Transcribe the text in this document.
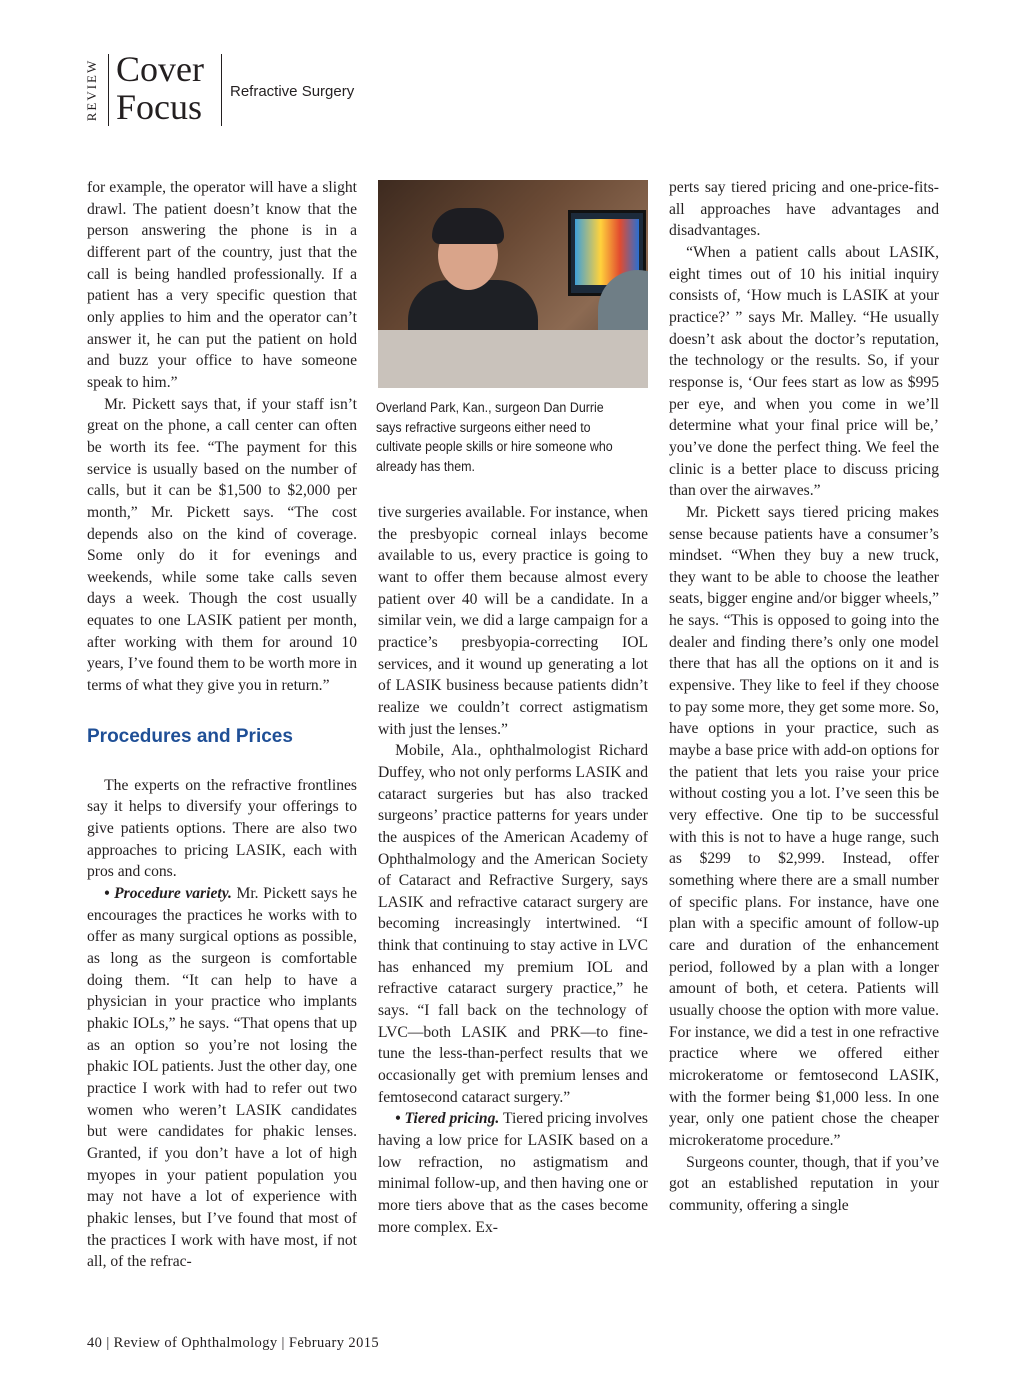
REVIEW Cover
Focus Refractive Surgery

for example, the operator will have a slight drawl. The patient doesn’t know that the person answering the phone is in a different part of the country, just that the call is being handled professionally. If a patient has a very specific question that only applies to him and the operator can’t answer it, he can put the patient on hold and buzz your office to have someone speak to him.”

Mr. Pickett says that, if your staff isn’t great on the phone, a call center can often be worth its fee. “The payment for this service is usually based on the number of calls, but it can be $1,500 to $2,000 per month,” Mr. Pickett says. “The cost depends also on the kind of coverage. Some only do it for evenings and weekends, while some take calls seven days a week. Though the cost usually equates to one LASIK patient per month, after working with them for around 10 years, I’ve found them to be worth more in terms of what they give you in return.”

Procedures and Prices

The experts on the refractive frontlines say it helps to diversify your offerings to give patients options. There are also two approaches to pricing LASIK, each with pros and cons.

• Procedure variety. Mr. Pickett says he encourages the practices he works with to offer as many surgical options as possible, as long as the surgeon is comfortable doing them. “It can help to have a physician in your practice who implants phakic IOLs,” he says. “That opens that up as an option so you’re not losing the phakic IOL patients. Just the other day, one practice I work with had to refer out two women who weren’t LASIK candidates but were candidates for phakic lenses. Granted, if you don’t have a lot of high myopes in your patient population you may not have a lot of experience with phakic lenses, but I’ve found that most of the practices I work with have most, if not all, of the refrac-

Overland Park, Kan., surgeon Dan Durrie says refractive surgeons either need to cultivate people skills or hire someone who already has them.

tive surgeries available. For instance, when the presbyopic corneal inlays become available to us, every practice is going to want to offer them because almost every patient over 40 will be a candidate. In a similar vein, we did a large campaign for a practice’s presbyopia-correcting IOL services, and it wound up generating a lot of LASIK business because patients didn’t realize we couldn’t correct astigmatism with just the lenses.”

Mobile, Ala., ophthalmologist Richard Duffey, who not only performs LASIK and cataract surgeries but has also tracked surgeons’ practice patterns for years under the auspices of the American Academy of Ophthalmology and the American Society of Cataract and Refractive Surgery, says LASIK and refractive cataract surgery are becoming increasingly intertwined. “I think that continuing to stay active in LVC has enhanced my premium IOL and refractive cataract surgery practice,” he says. “I fall back on the technology of LVC—both LASIK and PRK—to fine-tune the less-than-perfect results that we occasionally get with premium lenses and femtosecond cataract surgery.”

• Tiered pricing. Tiered pricing involves having a low price for LASIK based on a low refraction, no astigmatism and minimal follow-up, and then having one or more tiers above that as the cases become more complex. Ex-

perts say tiered pricing and one-price-fits-all approaches have advantages and disadvantages.

“When a patient calls about LASIK, eight times out of 10 his initial inquiry consists of, ‘How much is LASIK at your practice?’ ” says Mr. Malley. “He usually doesn’t ask about the doctor’s reputation, the technology or the results. So, if your response is, ‘Our fees start as low as $995 per eye, and when you come in we’ll determine what your final price will be,’ you’ve done the perfect thing. We feel the clinic is a better place to discuss pricing than over the airwaves.”

Mr. Pickett says tiered pricing makes sense because patients have a consumer’s mindset. “When they buy a new truck, they want to be able to choose the leather seats, bigger engine and/or bigger wheels,” he says. “This is opposed to going into the dealer and finding there’s only one model there that has all the options on it and is expensive. They like to feel if they choose to pay some more, they get some more. So, have options in your practice, such as maybe a base price with add-on options for the patient that lets you raise your price without costing you a lot. I’ve seen this be very effective. One tip to be successful with this is not to have a huge range, such as $299 to $2,999. Instead, offer something where there are a small number of specific plans. For instance, have one plan with a specific amount of follow-up care and duration of the enhancement period, followed by a plan with a longer amount of both, et cetera. Patients will usually choose the option with more value. For instance, we did a test in one refractive practice where we offered either microkeratome or femtosecond LASIK, with the former being $1,000 less. In one year, only one patient chose the cheaper microkeratome procedure.”

Surgeons counter, though, that if you’ve got an established reputation in your community, offering a single

40 | Review of Ophthalmology | February 2015
